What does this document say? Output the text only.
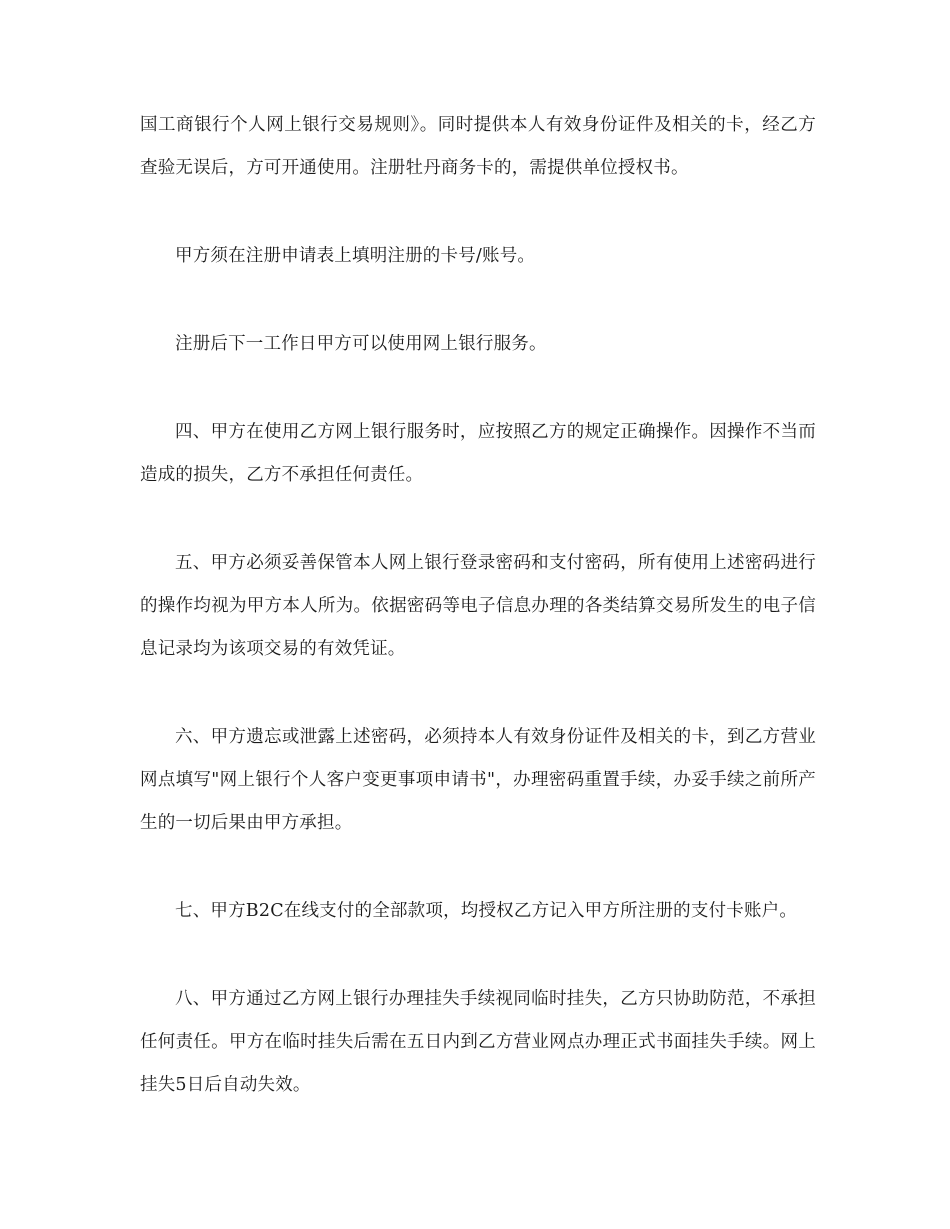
国工商银行个人网上银行交易规则》。同时提供本人有效身份证件及相关的卡，经乙方查验无误后，方可开通使用。注册牡丹商务卡的，需提供单位授权书。

甲方须在注册申请表上填明注册的卡号/账号。

注册后下一工作日甲方可以使用网上银行服务。

四、甲方在使用乙方网上银行服务时，应按照乙方的规定正确操作。因操作不当而造成的损失，乙方不承担任何责任。

五、甲方必须妥善保管本人网上银行登录密码和支付密码，所有使用上述密码进行的操作均视为甲方本人所为。依据密码等电子信息办理的各类结算交易所发生的电子信息记录均为该项交易的有效凭证。

六、甲方遗忘或泄露上述密码，必须持本人有效身份证件及相关的卡，到乙方营业网点填写"网上银行个人客户变更事项申请书"，办理密码重置手续，办妥手续之前所产生的一切后果由甲方承担。

七、甲方B2C在线支付的全部款项，均授权乙方记入甲方所注册的支付卡账户。

八、甲方通过乙方网上银行办理挂失手续视同临时挂失，乙方只协助防范，不承担任何责任。甲方在临时挂失后需在五日内到乙方营业网点办理正式书面挂失手续。网上挂失5日后自动失效。
